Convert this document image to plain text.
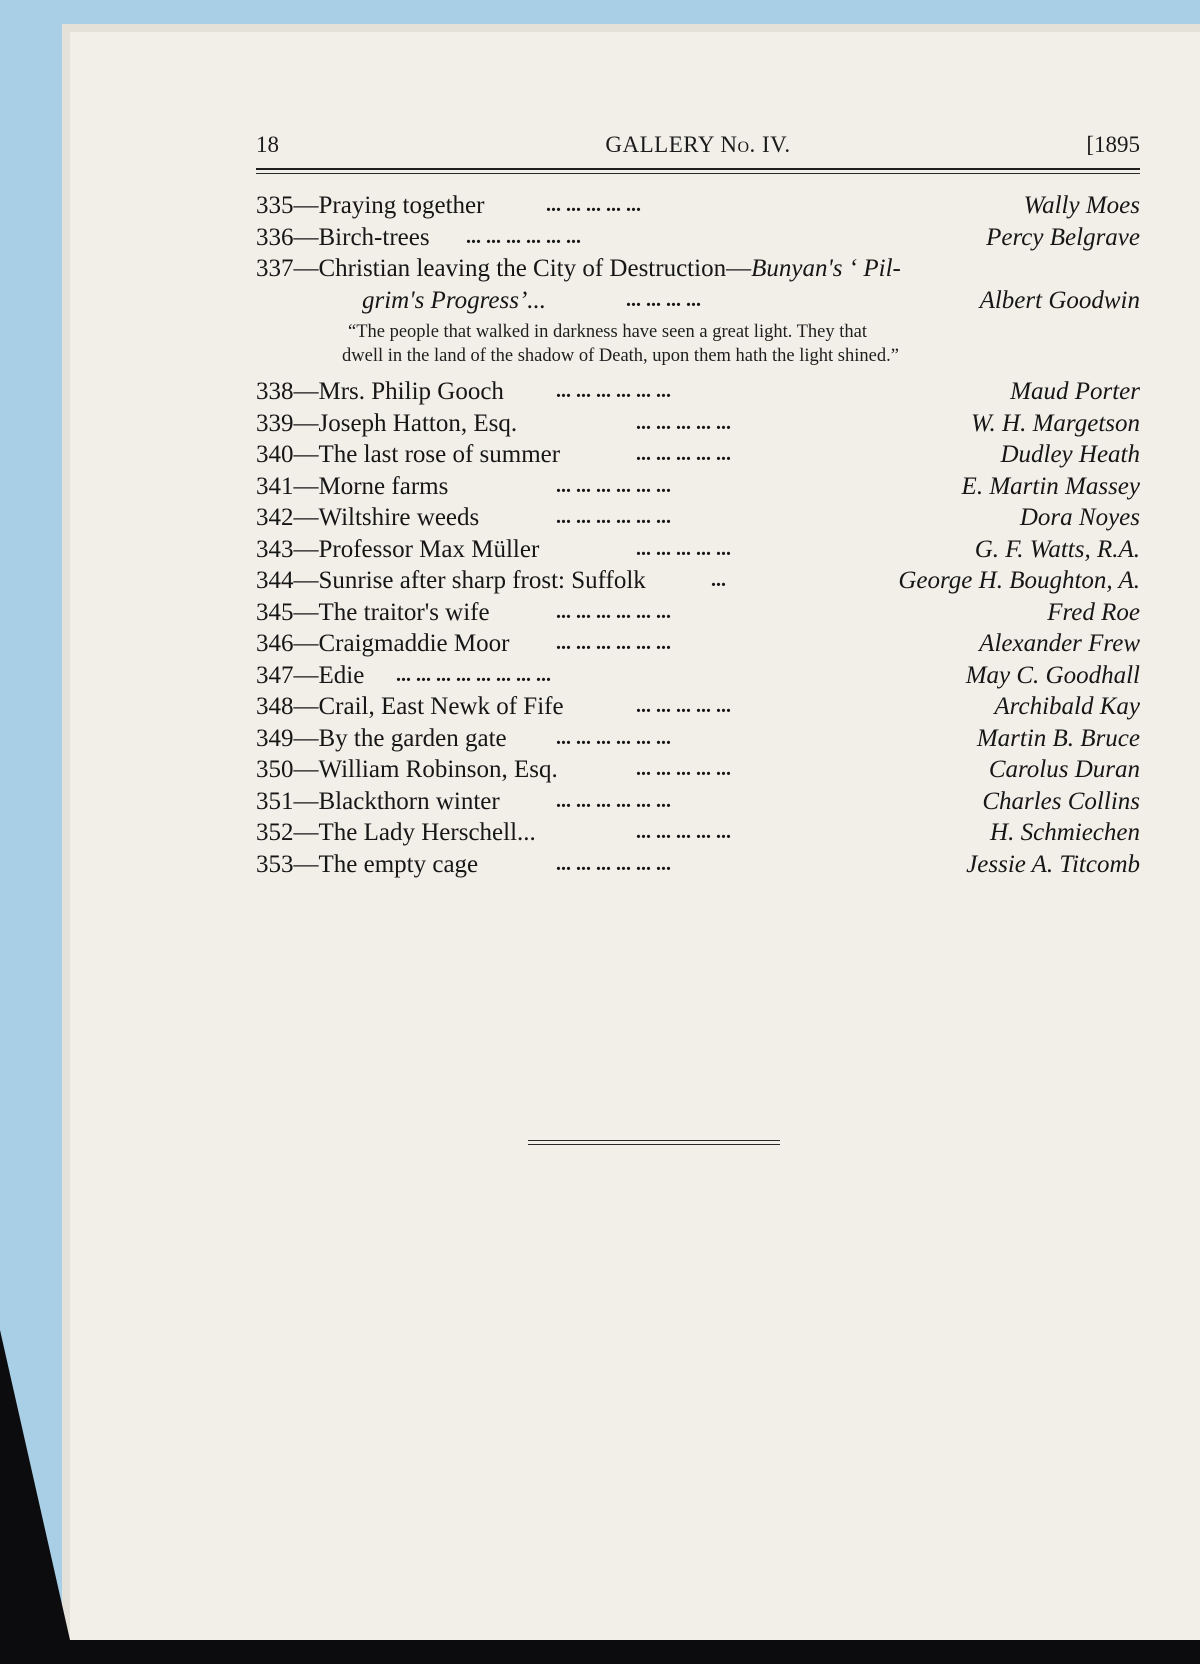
18	GALLERY No. IV.	[1895
335—Praying together	... ... ... ... ...	Wally Moes
336—Birch-trees ... ... ... ... ... ...	Percy Belgrave
337—Christian leaving the City of Destruction—Bunyan's ‘ Pil-
grim's Progress’...	... ... ... ...	Albert Goodwin
“The people that walked in darkness have seen a great light. They that
dwell in the land of the shadow of Death, upon them hath the light shined.”
338—Mrs. Philip Gooch	... ... ... ... ... ...	Maud Porter
339—Joseph Hatton, Esq.	... ... ... ... ...	W. H. Margetson
340—The last rose of summer	... ... ... ... ...	Dudley Heath
341—Morne farms	... ... ... ... ... ...	E. Martin Massey
342—Wiltshire weeds	... ... ... ... ... ...	Dora Noyes
343—Professor Max Müller	... ... ... ... ...	G. F. Watts, R.A.
344—Sunrise after sharp frost: Suffolk	...	George H. Boughton, A.
345—The traitor's wife	... ... ... ... ... ...	Fred Roe
346—Craigmaddie Moor ... ... ... ... ... ...	Alexander Frew
347—Edie ... ... ... ... ... ... ... ...	May C. Goodhall
348—Crail, East Newk of Fife	... ... ... ... ...	Archibald Kay
349—By the garden gate ... ... ... ... ... ...	Martin B. Bruce
350—William Robinson, Esq.	... ... ... ... ...	Carolus Duran
351—Blackthorn winter	... ... ... ... ... ...	Charles Collins
352—The Lady Herschell...	... ... ... ... ...	H. Schmiechen
353—The empty cage	... ... ... ... ... ...	Jessie A. Titcomb
